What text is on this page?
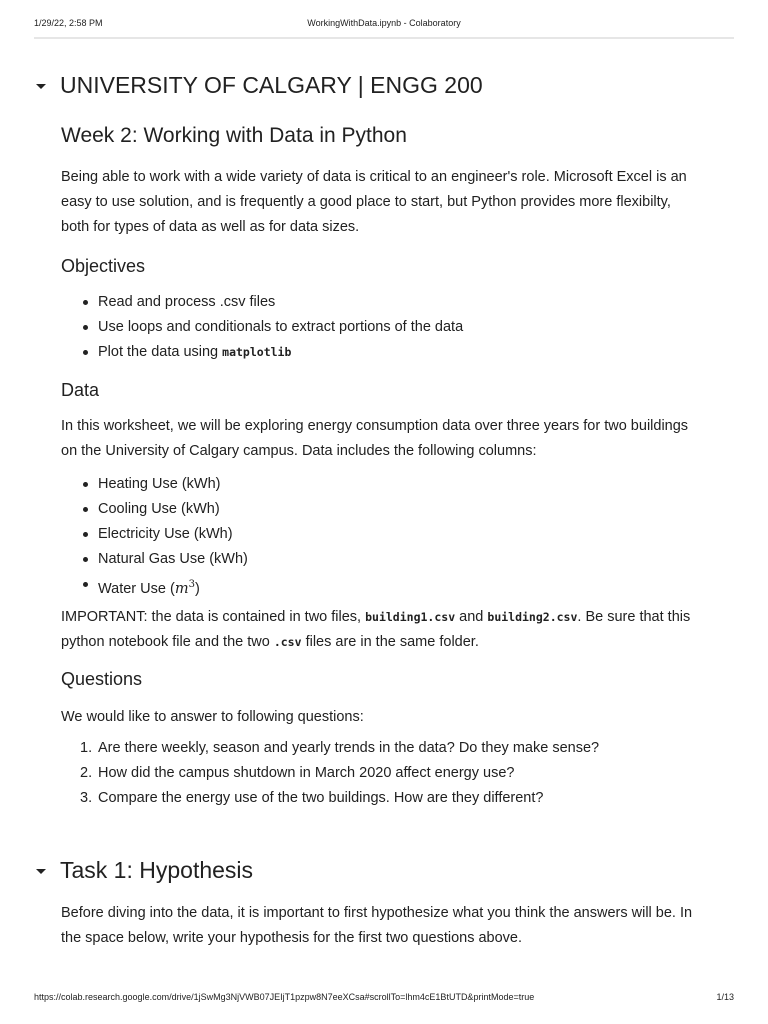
1/29/22, 2:58 PM	WorkingWithData.ipynb - Colaboratory
UNIVERSITY OF CALGARY | ENGG 200
Week 2: Working with Data in Python
Being able to work with a wide variety of data is critical to an engineer's role. Microsoft Excel is an
easy to use solution, and is frequently a good place to start, but Python provides more flexibilty,
both for types of data as well as for data sizes.
Objectives
Read and process .csv files
Use loops and conditionals to extract portions of the data
Plot the data using matplotlib
Data
In this worksheet, we will be exploring energy consumption data over three years for two buildings
on the University of Calgary campus. Data includes the following columns:
Heating Use (kWh)
Cooling Use (kWh)
Electricity Use (kWh)
Natural Gas Use (kWh)
Water Use $(m^3)$
IMPORTANT: the data is contained in two files, building1.csv and building2.csv. Be sure that this
python notebook file and the two .csv files are in the same folder.
Questions
We would like to answer to following questions:
1. Are there weekly, season and yearly trends in the data? Do they make sense?
2. How did the campus shutdown in March 2020 affect energy use?
3. Compare the energy use of the two buildings. How are they different?
Task 1: Hypothesis
Before diving into the data, it is important to first hypothesize what you think the answers will be. In
the space below, write your hypothesis for the first two questions above.
https://colab.research.google.com/drive/1jSwMg3NjVWB07JEIjT1pzpw8N7eeXCsa#scrollTo=lhm4cE1BtUTD&printMode=true	1/13
